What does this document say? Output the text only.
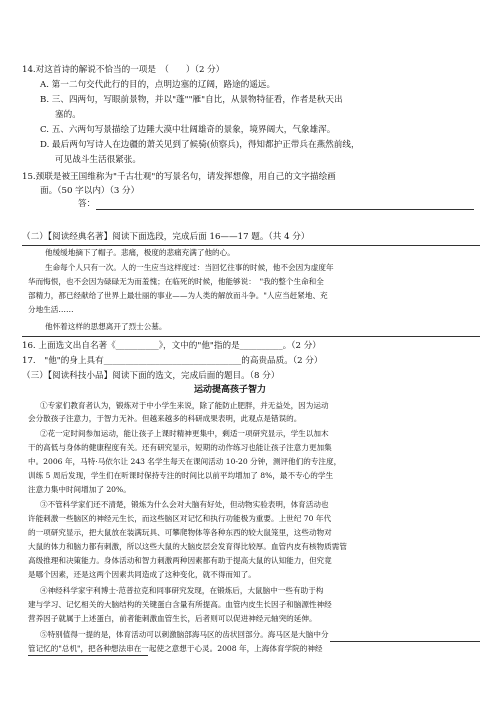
14.对这首诗的解说不恰当的一项是　（　　）（2 分）
A. 第一二句交代此行的目的，点明边塞的辽阔，路途的遥远。
B. 三、四两句，写眼前景物，并以"蓬""雁"自比，从景物特征看，作者是秋天出
塞的。
C. 五、六两句写景描绘了边陲大漠中壮阔雄奇的景象，境界阔大，气象雄浑。
D. 最后两句写诗人在边疆的萧关见到了候骑(侦察兵)，得知都护正带兵在燕然前线，
可见战斗生活很紧张。
15.颈联是被王国维称为"千古壮观"的写景名句，请发挥想像，用自己的文字描绘画
面。（50 字以内）（3 分）
答：
（二）【阅读经典名著】阅读下面选段，完成后面 16——17 题。（共 4 分）
他缓缓地摘下了帽子。悲痛，极度的悲痛充满了他的心。
生命每个人只有一次。人的一生应当这样度过：当回忆往事的时候，他不会因为虚度年
华而悔恨，也不会因为碌碌无为而羞愧；在临死的时候，他能够说：　"我的整个生命和全
部精力，都已经献给了世界上最壮丽的事业——为人类的解放而斗争。"人应当赶紧地、充
分地生活……
他怀着这样的思想离开了烈士公墓。
16. 上面选文出自名著《__________》，文中的"他"指的是__________。（2 分）
17.　"他"的身上具有________________________________的高贵品质。（2 分）
（三）【阅读科技小品】阅读下面的选文，完成后面的题目。（8 分）
运动提高孩子智力
①专家们教育者认为，锻炼对于中小学生来说，除了能防止肥胖，并无益处，因为运动
会分散孩子注意力，于智力无补。但越来越多的科研成果表明，此观点是错误的。
②花一定时间参加运动，能让孩子上课时精神更集中，剩适一项研究显示，学生以加木
干的高低与身体的健康程度有关。还有研究显示，短期的动作练习也能让孩子注意力更加集
中。2006 年，马特·马依尔让 243 名学生每天在课间活动 10-20 分钟，测评他们的专注度，
训练 5 周后发现，学生们在听课时保持专注的时间比以前平均增加了 8%，最不专心的学生
注意力集中时间增加了 20%。
③不管科学家们还不清楚，锻炼为什么会对大脑有好处，但动物实验表明，体育活动也
许能刺激一些脑区的神经元生长，而这些脑区对记忆和执行功能极为重要。上世纪 70 年代
的一项研究显示，把大鼠放在装满玩具、可攀爬物体等各种东西的较大鼠笼里，这些动物对
大鼠的体力和脑力都有刺激，所以这些大鼠的大脑皮层会发育得比较厚。血管内皮有核物质需管
高级推理和决策能力。身体活动和智力刺激两种因素都有助于提高大鼠的认知能力，但究竟
是哪个因素，还是这两个因素共同造成了这种变化，就不得而知了。
④神经科学家宇利博士·范普拉克和同事研究发现，在锻炼后，大鼠脑中一些有助于构
建与学习、记忆相关的大脑结构的关键蛋白含量有所提高。血管内皮生长因子和脑源性神经
营养因子就属于上述蛋白，前者能刺激血管生长，后者则可以促进神经元轴突的延伸。
⑤特别值得一提的是，体育活动可以刺激脑部海马区的齿状回部分。海马区是大脑中分
管记忆的"总机"，把各种想法串在一起使之意想于心灵。2008 年，上海体育学院的神经
